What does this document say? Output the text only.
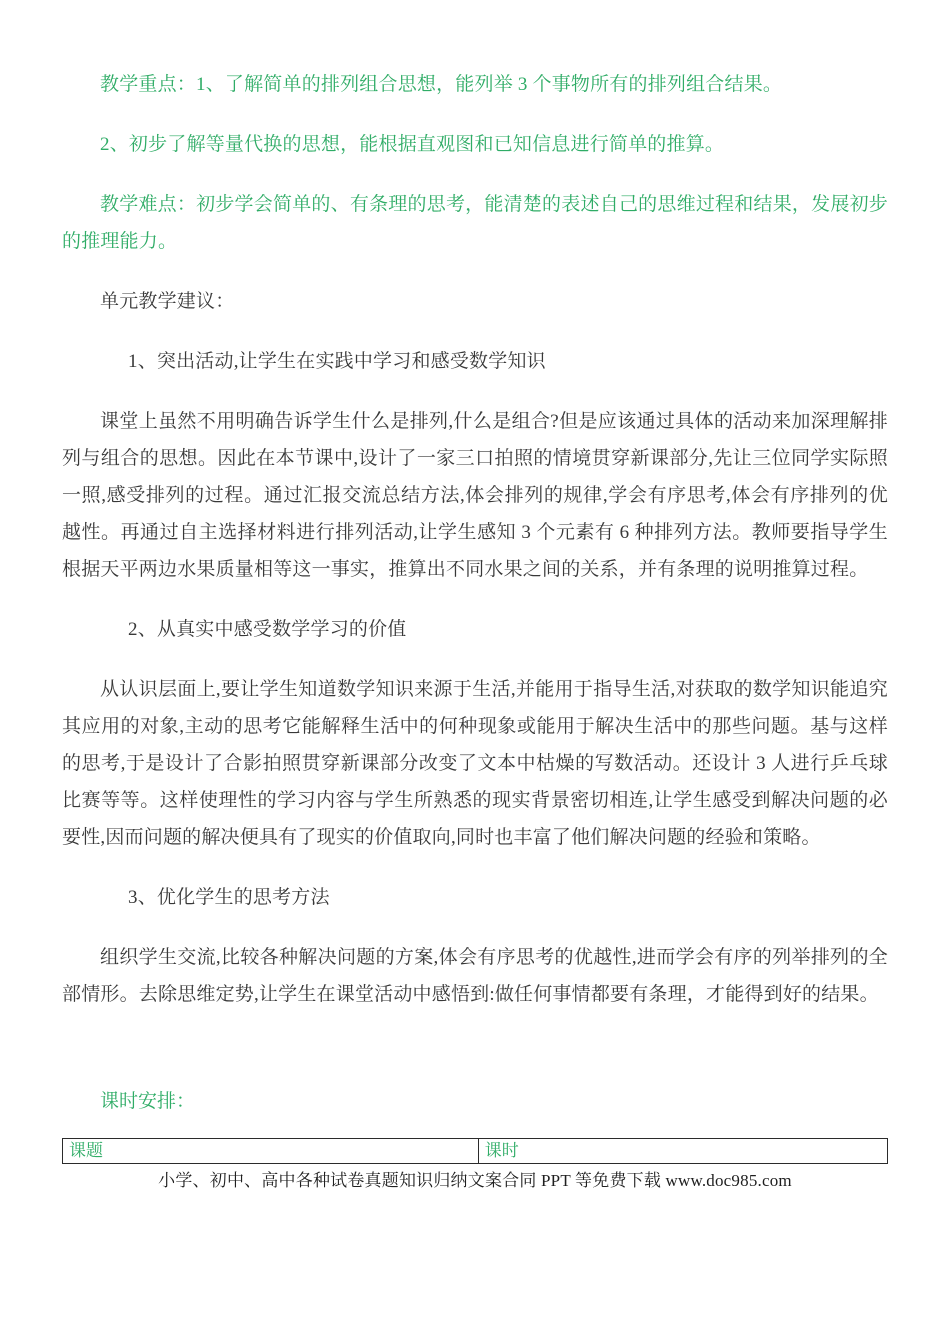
教学重点：1、了解简单的排列组合思想，能列举 3 个事物所有的排列组合结果。
2、初步了解等量代换的思想，能根据直观图和已知信息进行简单的推算。
教学难点：初步学会简单的、有条理的思考，能清楚的表述自己的思维过程和结果，发展初步的推理能力。
单元教学建议：
1、突出活动,让学生在实践中学习和感受数学知识
课堂上虽然不用明确告诉学生什么是排列,什么是组合?但是应该通过具体的活动来加深理解排列与组合的思想。因此在本节课中,设计了一家三口拍照的情境贯穿新课部分,先让三位同学实际照一照,感受排列的过程。通过汇报交流总结方法,体会排列的规律,学会有序思考,体会有序排列的优越性。再通过自主选择材料进行排列活动,让学生感知 3 个元素有 6 种排列方法。教师要指导学生根据天平两边水果质量相等这一事实，推算出不同水果之间的关系，并有条理的说明推算过程。
2、从真实中感受数学学习的价值
从认识层面上,要让学生知道数学知识来源于生活,并能用于指导生活,对获取的数学知识能追究其应用的对象,主动的思考它能解释生活中的何种现象或能用于解决生活中的那些问题。基与这样的思考,于是设计了合影拍照贯穿新课部分改变了文本中枯燥的写数活动。还设计 3 人进行乒乓球比赛等等。这样使理性的学习内容与学生所熟悉的现实背景密切相连,让学生感受到解决问题的必要性,因而问题的解决便具有了现实的价值取向,同时也丰富了他们解决问题的经验和策略。
3、优化学生的思考方法
组织学生交流,比较各种解决问题的方案,体会有序思考的优越性,进而学会有序的列举排列的全部情形。去除思维定势,让学生在课堂活动中感悟到:做任何事情都要有条理，才能得到好的结果。
课时安排：
课题	课时
小学、初中、高中各种试卷真题知识归纳文案合同 PPT 等免费下载 www.doc985.com
